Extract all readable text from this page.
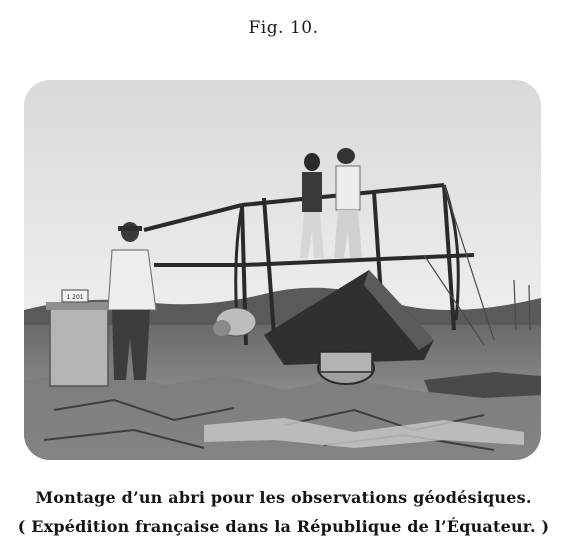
Fig. 10.
1 201
Montage d’un abri pour les observations géodésiques.
( Expédition française dans la République de l’Équateur. )
